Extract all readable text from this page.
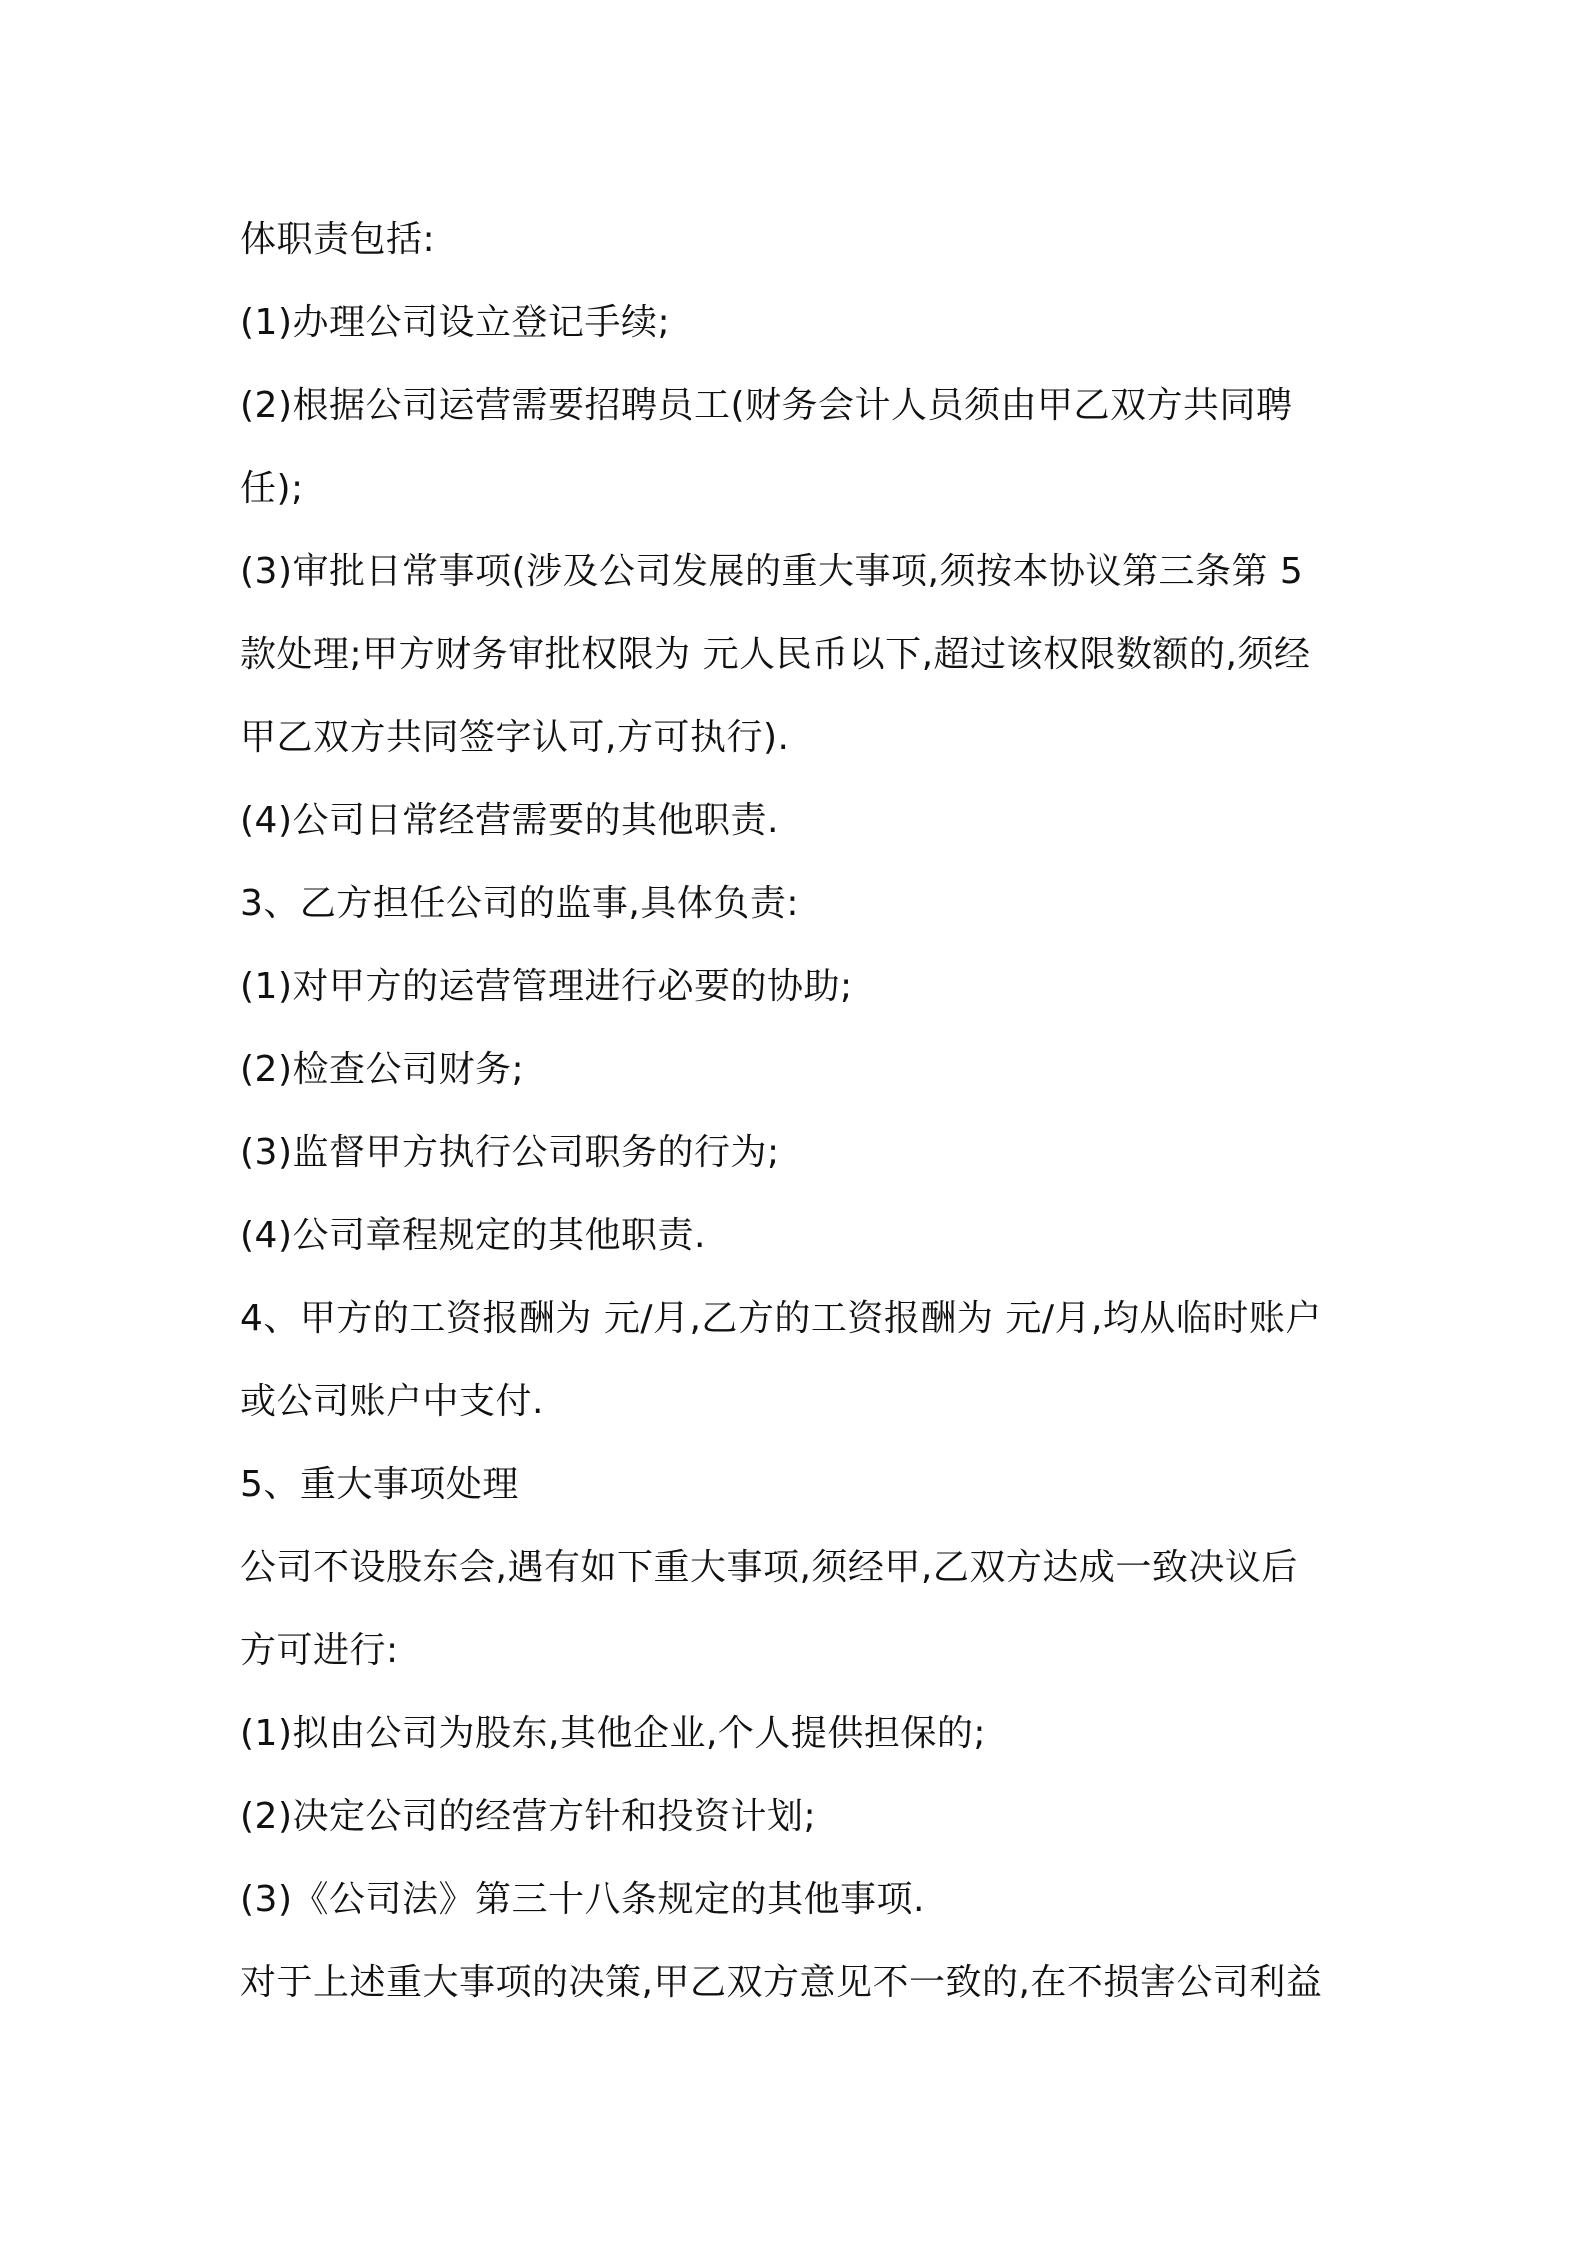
体职责包括:
(1)办理公司设立登记手续;
(2)根据公司运营需要招聘员工(财务会计人员须由甲乙双方共同聘
任);
(3)审批日常事项(涉及公司发展的重大事项,须按本协议第三条第 5
款处理;甲方财务审批权限为 元人民币以下,超过该权限数额的,须经
甲乙双方共同签字认可,方可执行).
(4)公司日常经营需要的其他职责.
3、乙方担任公司的监事,具体负责:
(1)对甲方的运营管理进行必要的协助;
(2)检查公司财务;
(3)监督甲方执行公司职务的行为;
(4)公司章程规定的其他职责.
4、甲方的工资报酬为 元/月,乙方的工资报酬为 元/月,均从临时账户
或公司账户中支付.
5、重大事项处理
公司不设股东会,遇有如下重大事项,须经甲,乙双方达成一致决议后
方可进行:
(1)拟由公司为股东,其他企业,个人提供担保的;
(2)决定公司的经营方针和投资计划;
(3)《公司法》第三十八条规定的其他事项.
对于上述重大事项的决策,甲乙双方意见不一致的,在不损害公司利益
